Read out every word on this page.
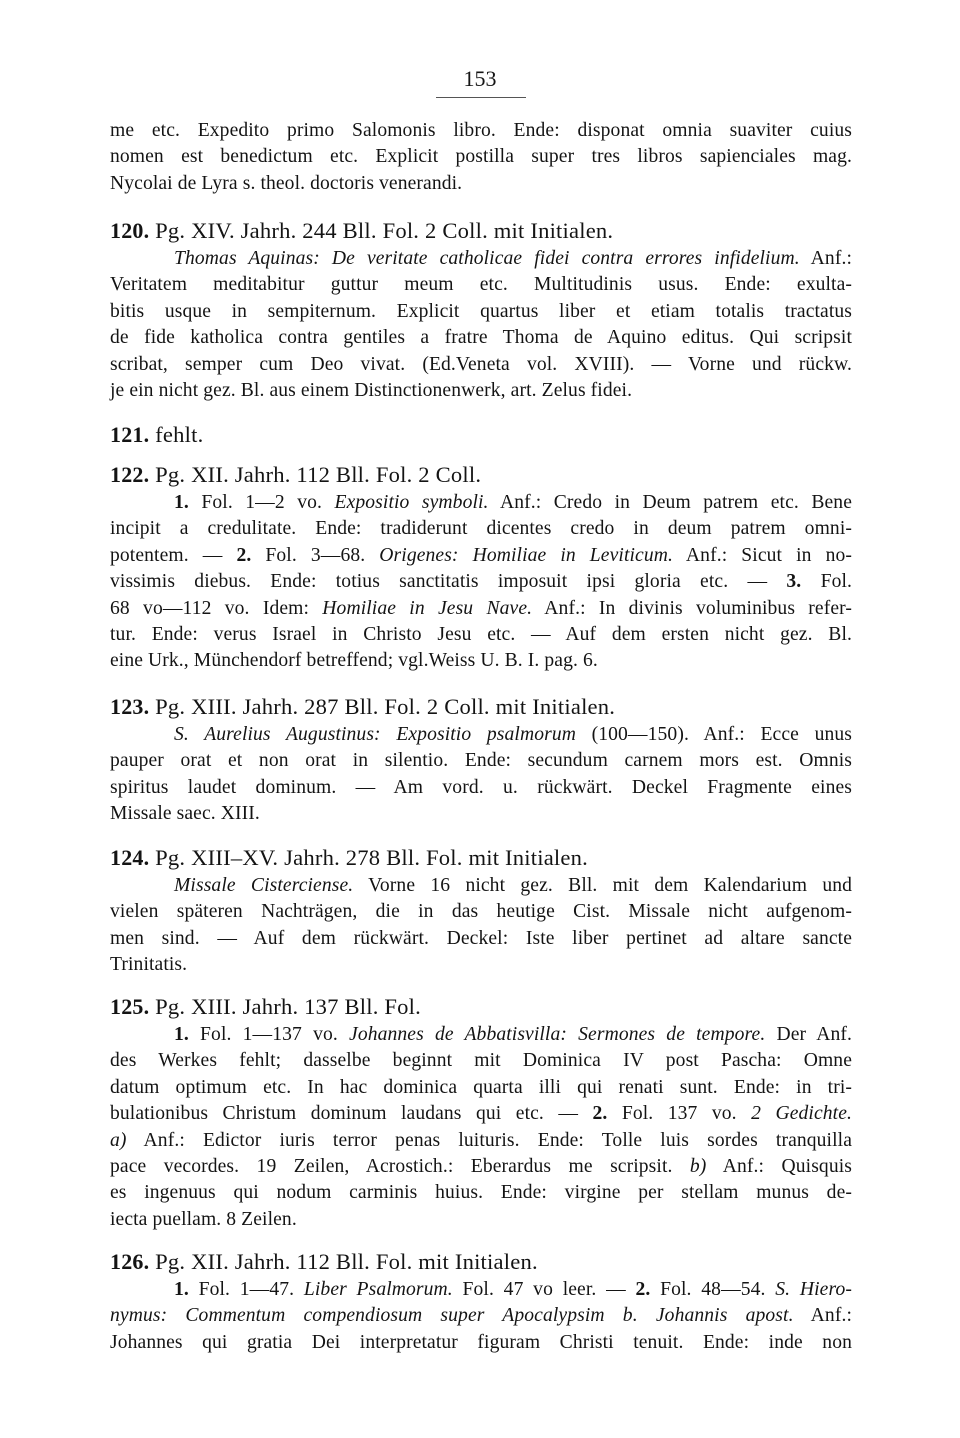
153
me etc. Expedito primo Salomonis libro. Ende: disponat omnia suaviter cuius
nomen est benedictum etc. Explicit postilla super tres libros sapienciales mag.
Nycolai de Lyra s. theol. doctoris venerandi.
120. Pg. XIV. Jahrh. 244 Bll. Fol. 2 Coll. mit Initialen.
Thomas Aquinas: De veritate catholicae fidei contra errores infidelium. Anf.:
Veritatem meditabitur guttur meum etc. Multitudinis usus. Ende: exulta-
bitis usque in sempiternum. Explicit quartus liber et etiam totalis tractatus
de fide katholica contra gentiles a fratre Thoma de Aquino editus. Qui scripsit
scribat, semper cum Deo vivat. (Ed.Veneta vol. XVIII). — Vorne und rückw.
je ein nicht gez. Bl. aus einem Distinctionenwerk, art. Zelus fidei.
121. fehlt.
122. Pg. XII. Jahrh. 112 Bll. Fol. 2 Coll.
1. Fol. 1—2 vo. Expositio symboli. Anf.: Credo in Deum patrem etc. Bene
incipit a credulitate. Ende: tradiderunt dicentes credo in deum patrem omni-
potentem. — 2. Fol. 3—68. Origenes: Homiliae in Leviticum. Anf.: Sicut in no-
vissimis diebus. Ende: totius sanctitatis imposuit ipsi gloria etc. — 3. Fol.
68 vo—112 vo. Idem: Homiliae in Jesu Nave. Anf.: In divinis voluminibus refer-
tur. Ende: verus Israel in Christo Jesu etc. — Auf dem ersten nicht gez. Bl.
eine Urk., Münchendorf betreffend; vgl.Weiss U. B. I. pag. 6.
123. Pg. XIII. Jahrh. 287 Bll. Fol. 2 Coll. mit Initialen.
S. Aurelius Augustinus: Expositio psalmorum (100—150). Anf.: Ecce unus
pauper orat et non orat in silentio. Ende: secundum carnem mors est. Omnis
spiritus laudet dominum. — Am vord. u. rückwärt. Deckel Fragmente eines
Missale saec. XIII.
124. Pg. XIII–XV. Jahrh. 278 Bll. Fol. mit Initialen.
Missale Cisterciense. Vorne 16 nicht gez. Bll. mit dem Kalendarium und
vielen späteren Nachträgen, die in das heutige Cist. Missale nicht aufgenom-
men sind. — Auf dem rückwärt. Deckel: Iste liber pertinet ad altare sancte
Trinitatis.
125. Pg. XIII. Jahrh. 137 Bll. Fol.
1. Fol. 1—137 vo. Johannes de Abbatisvilla: Sermones de tempore. Der Anf.
des Werkes fehlt; dasselbe beginnt mit Dominica IV post Pascha: Omne
datum optimum etc. In hac dominica quarta illi qui renati sunt. Ende: in tri-
bulationibus Christum dominum laudans qui etc. — 2. Fol. 137 vo. 2 Gedichte.
a) Anf.: Edictor iuris terror penas luituris. Ende: Tolle luis sordes tranquilla
pace vecordes. 19 Zeilen, Acrostich.: Eberardus me scripsit. b) Anf.: Quisquis
es ingenuus qui nodum carminis huius. Ende: virgine per stellam munus de-
iecta puellam. 8 Zeilen.
126. Pg. XII. Jahrh. 112 Bll. Fol. mit Initialen.
1. Fol. 1—47. Liber Psalmorum. Fol. 47 vo leer. — 2. Fol. 48—54. S. Hiero-
nymus: Commentum compendiosum super Apocalypsim b. Johannis apost. Anf.:
Johannes qui gratia Dei interpretatur figuram Christi tenuit. Ende: inde non
